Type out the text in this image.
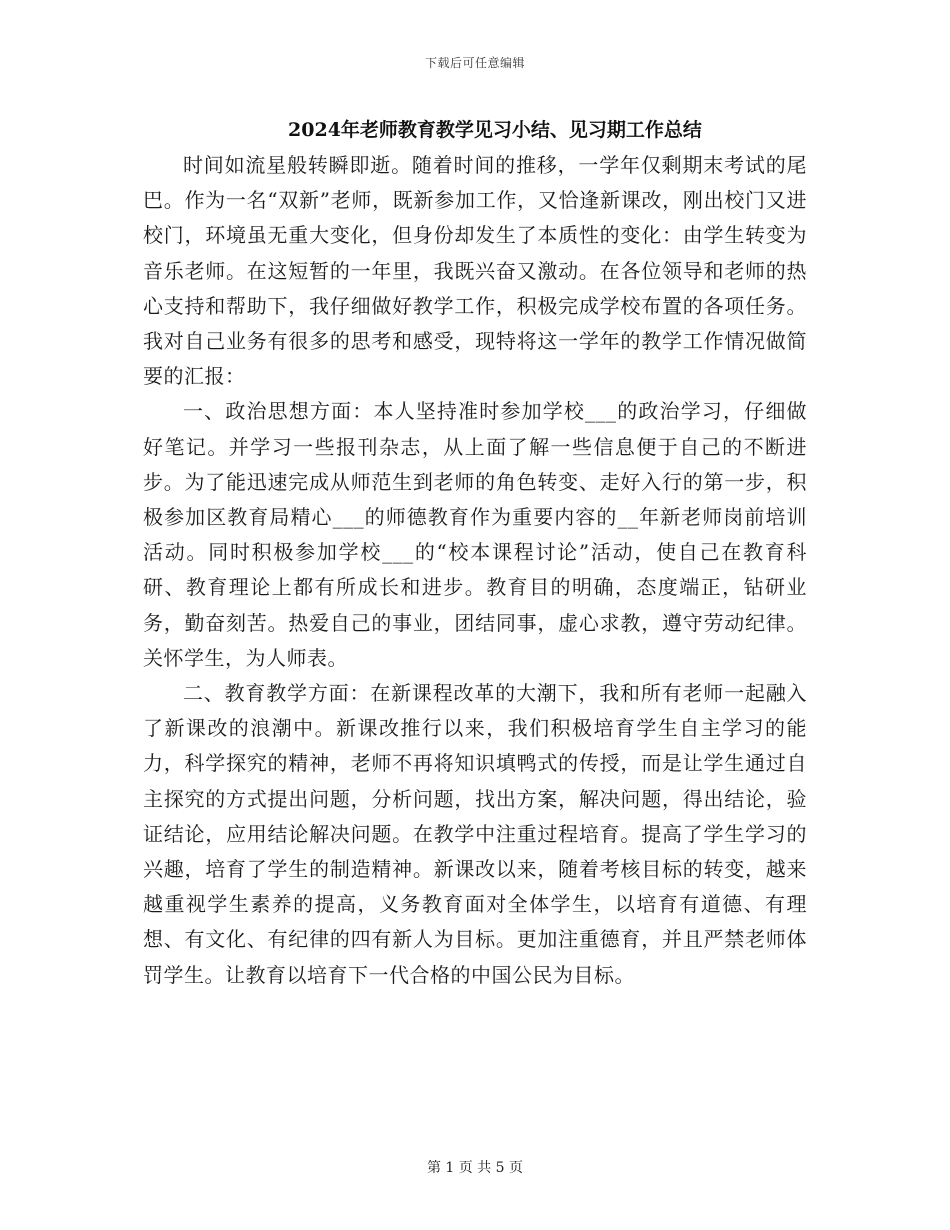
下载后可任意编辑
2024年老师教育教学见习小结、见习期工作总结

时间如流星般转瞬即逝。随着时间的推移，一学年仅剩期末考试的尾巴。作为一名“双新”老师，既新参加工作，又恰逢新课改，刚出校门又进校门，环境虽无重大变化，但身份却发生了本质性的变化：由学生转变为音乐老师。在这短暂的一年里，我既兴奋又激动。在各位领导和老师的热心支持和帮助下，我仔细做好教学工作，积极完成学校布置的各项任务。我对自己业务有很多的思考和感受，现特将这一学年的教学工作情况做简要的汇报：

一、政治思想方面：本人坚持准时参加学校___的政治学习，仔细做好笔记。并学习一些报刊杂志，从上面了解一些信息便于自己的不断进步。为了能迅速完成从师范生到老师的角色转变、走好入行的第一步，积极参加区教育局精心___的师德教育作为重要内容的__年新老师岗前培训活动。同时积极参加学校___的“校本课程讨论”活动，使自己在教育科研、教育理论上都有所成长和进步。教育目的明确，态度端正，钻研业务，勤奋刻苦。热爱自己的事业，团结同事，虚心求教，遵守劳动纪律。关怀学生，为人师表。

二、教育教学方面：在新课程改革的大潮下，我和所有老师一起融入了新课改的浪潮中。新课改推行以来，我们积极培育学生自主学习的能力，科学探究的精神，老师不再将知识填鸭式的传授，而是让学生通过自主探究的方式提出问题，分析问题，找出方案，解决问题，得出结论，验证结论，应用结论解决问题。在教学中注重过程培育。提高了学生学习的兴趣，培育了学生的制造精神。新课改以来，随着考核目标的转变，越来越重视学生素养的提高，义务教育面对全体学生，以培育有道德、有理想、有文化、有纪律的四有新人为目标。更加注重德育，并且严禁老师体罚学生。让教育以培育下一代合格的中国公民为目标。

第 1 页 共 5 页
